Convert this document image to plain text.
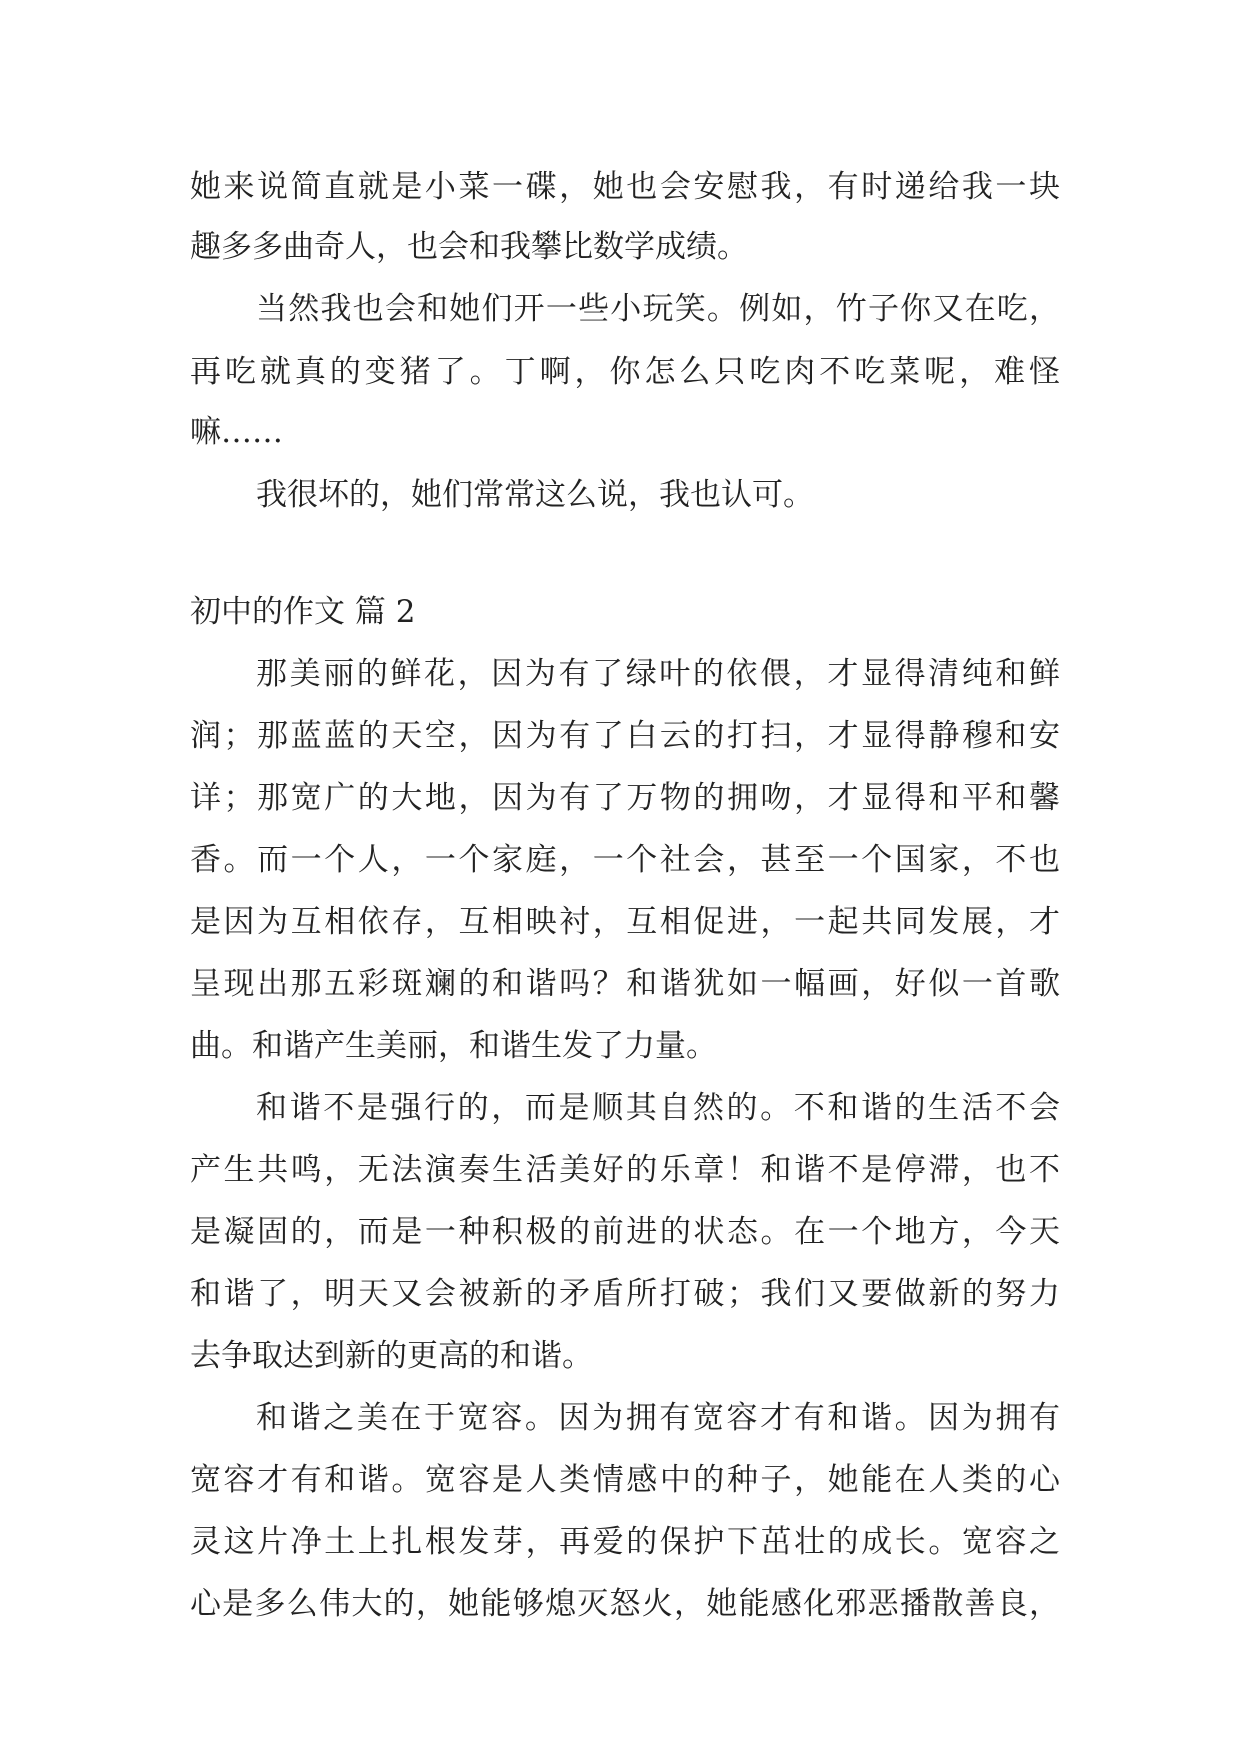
她来说简直就是小菜一碟，她也会安慰我，有时递给我一块
趣多多曲奇人，也会和我攀比数学成绩。
当然我也会和她们开一些小玩笑。例如，竹子你又在吃，
再吃就真的变猪了。丁啊，你怎么只吃肉不吃菜呢，难怪
嘛……
我很坏的，她们常常这么说，我也认可。
初中的作文 篇 2
那美丽的鲜花，因为有了绿叶的依偎，才显得清纯和鲜
润；那蓝蓝的天空，因为有了白云的打扫，才显得静穆和安
详；那宽广的大地，因为有了万物的拥吻，才显得和平和馨
香。而一个人，一个家庭，一个社会，甚至一个国家，不也
是因为互相依存，互相映衬，互相促进，一起共同发展，才
呈现出那五彩斑斓的和谐吗？和谐犹如一幅画，好似一首歌
曲。和谐产生美丽，和谐生发了力量。
和谐不是强行的，而是顺其自然的。不和谐的生活不会
产生共鸣，无法演奏生活美好的乐章！和谐不是停滞，也不
是凝固的，而是一种积极的前进的状态。在一个地方，今天
和谐了，明天又会被新的矛盾所打破；我们又要做新的努力
去争取达到新的更高的和谐。
和谐之美在于宽容。因为拥有宽容才有和谐。因为拥有
宽容才有和谐。宽容是人类情感中的种子，她能在人类的心
灵这片净土上扎根发芽，再爱的保护下茁壮的成长。宽容之
心是多么伟大的，她能够熄灭怒火，她能感化邪恶播散善良，
